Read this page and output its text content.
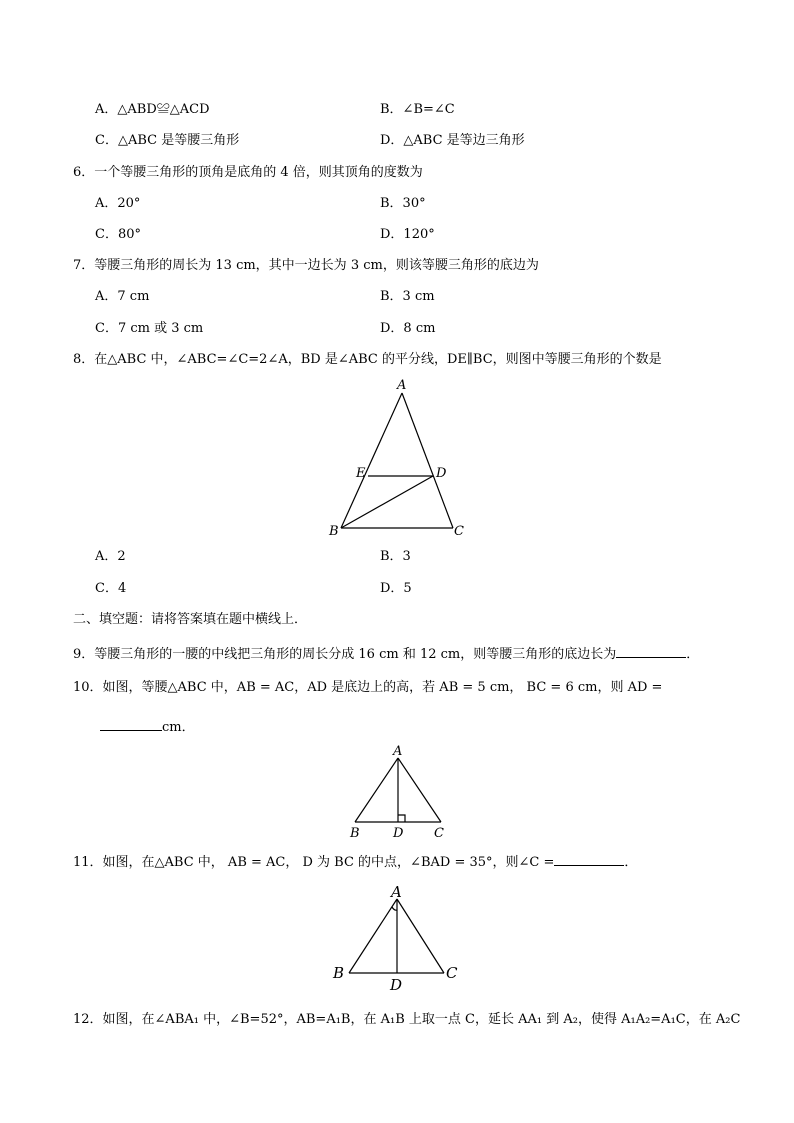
A．△ABD≌△ACD	B．∠B=∠C
C．△ABC 是等腰三角形	D．△ABC 是等边三角形
6．一个等腰三角形的顶角是底角的 4 倍，则其顶角的度数为
A．20°	B．30°
C．80°	D．120°
7．等腰三角形的周长为 13 cm，其中一边长为 3 cm，则该等腰三角形的底边为
A．7 cm	B．3 cm
C．7 cm 或 3 cm	D．8 cm
8．在△ABC 中，∠ABC=∠C=2∠A，BD 是∠ABC 的平分线，DE∥BC，则图中等腰三角形的个数是
A
E	D
B	C
A．2	B．3
C．4	D．5
二、填空题：请将答案填在题中横线上．
9．等腰三角形的一腰的中线把三角形的周长分成 16 cm 和 12 cm，则等腰三角形的底边长为	．
10．如图，等腰△ABC 中，AB = AC，AD 是底边上的高，若 AB = 5 cm， BC = 6 cm，则 AD =
cm．
A
B	D C
11．如图，在△ABC 中， AB = AC， D 为 BC 的中点，∠BAD = 35°，则∠C =	．
A
B	C
D
12．如图，在∠ABA₁ 中，∠B=52°，AB=A₁B，在 A₁B 上取一点 C，延长 AA₁ 到 A₂，使得 A₁A₂=A₁C，在 A₂C
